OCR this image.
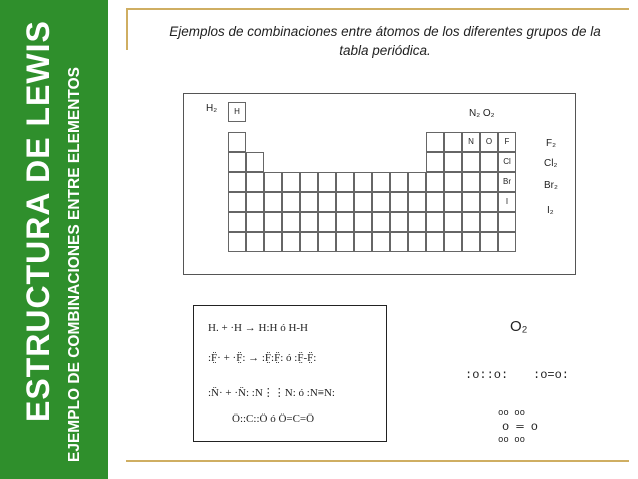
ESTRUCTURA DE LEWIS EJEMPLO DE COMBINACIONES ENTRE ELEMENTOS
Ejemplos de combinaciones entre átomos de los diferentes grupos de la
tabla periódica.
H
N	O	F
Cl
Br
I
H₂	N₂ O₂
F₂
Cl₂
Br₂
I₂
H. + ·H → H:H ó H-H
:F̤̈· + ·F̤̈: → :F̤̈:F̤̈: ó :F̤̈-F̤̈:
:N̈· + ·N̈: :N⋮⋮N: ó :N≡N:
Ö::C::Ö ó Ö=C=Ö
O₂
:o::o: :o=o:
oo oo
o ═ o
oo oo
